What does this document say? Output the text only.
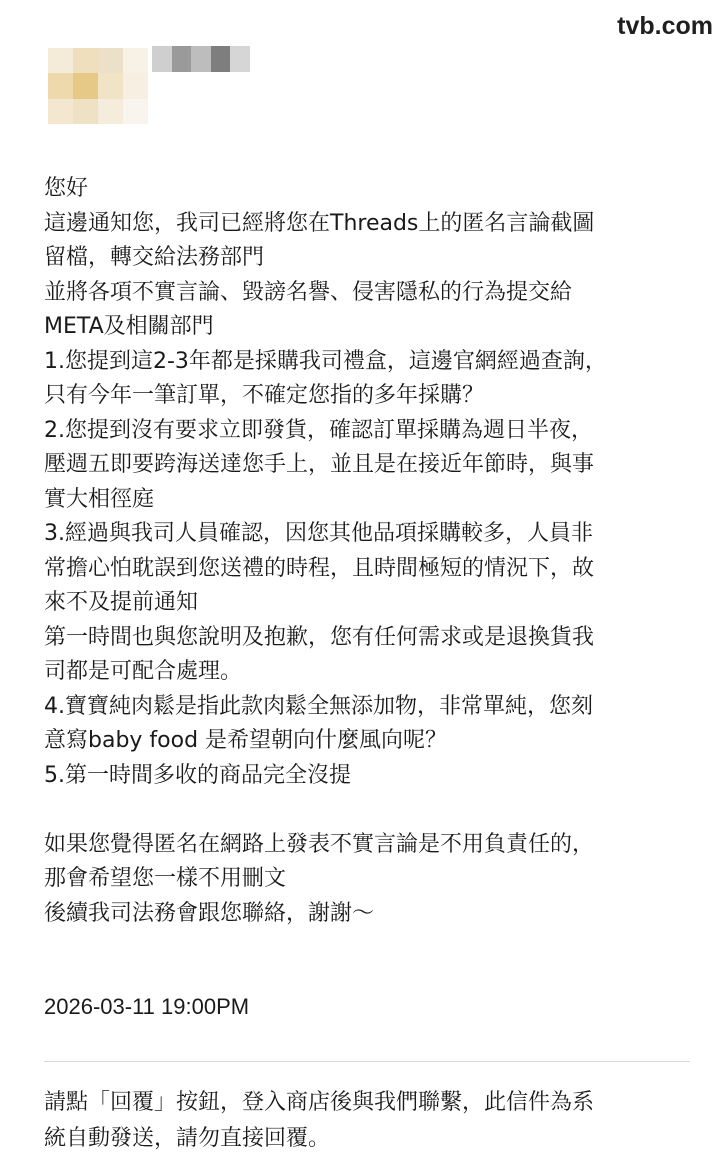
tvb.com

您好

這邊通知您，我司已經將您在Threads上的匿名言論截圖

留檔，轉交給法務部門

並將各項不實言論、毀謗名譽、侵害隱私的行為提交給

META及相關部門

1.您提到這2-3年都是採購我司禮盒，這邊官網經過查詢，

只有今年一筆訂單，不確定您指的多年採購？

2.您提到沒有要求立即發貨，確認訂單採購為週日半夜，

壓週五即要跨海送達您手上，並且是在接近年節時，與事

實大相徑庭

3.經過與我司人員確認，因您其他品項採購較多，人員非

常擔心怕耽誤到您送禮的時程，且時間極短的情況下，故

來不及提前通知

第一時間也與您說明及抱歉，您有任何需求或是退換貨我

司都是可配合處理。

4.寶寶純肉鬆是指此款肉鬆全無添加物，非常單純，您刻

意寫baby food 是希望朝向什麼風向呢？

5.第一時間多收的商品完全沒提

如果您覺得匿名在網路上發表不實言論是不用負責任的，

那會希望您一樣不用刪文

後續我司法務會跟您聯絡，謝謝～

2026-03-11 19:00PM

請點「回覆」按鈕，登入商店後與我們聯繫，此信件為系

統自動發送，請勿直接回覆。
